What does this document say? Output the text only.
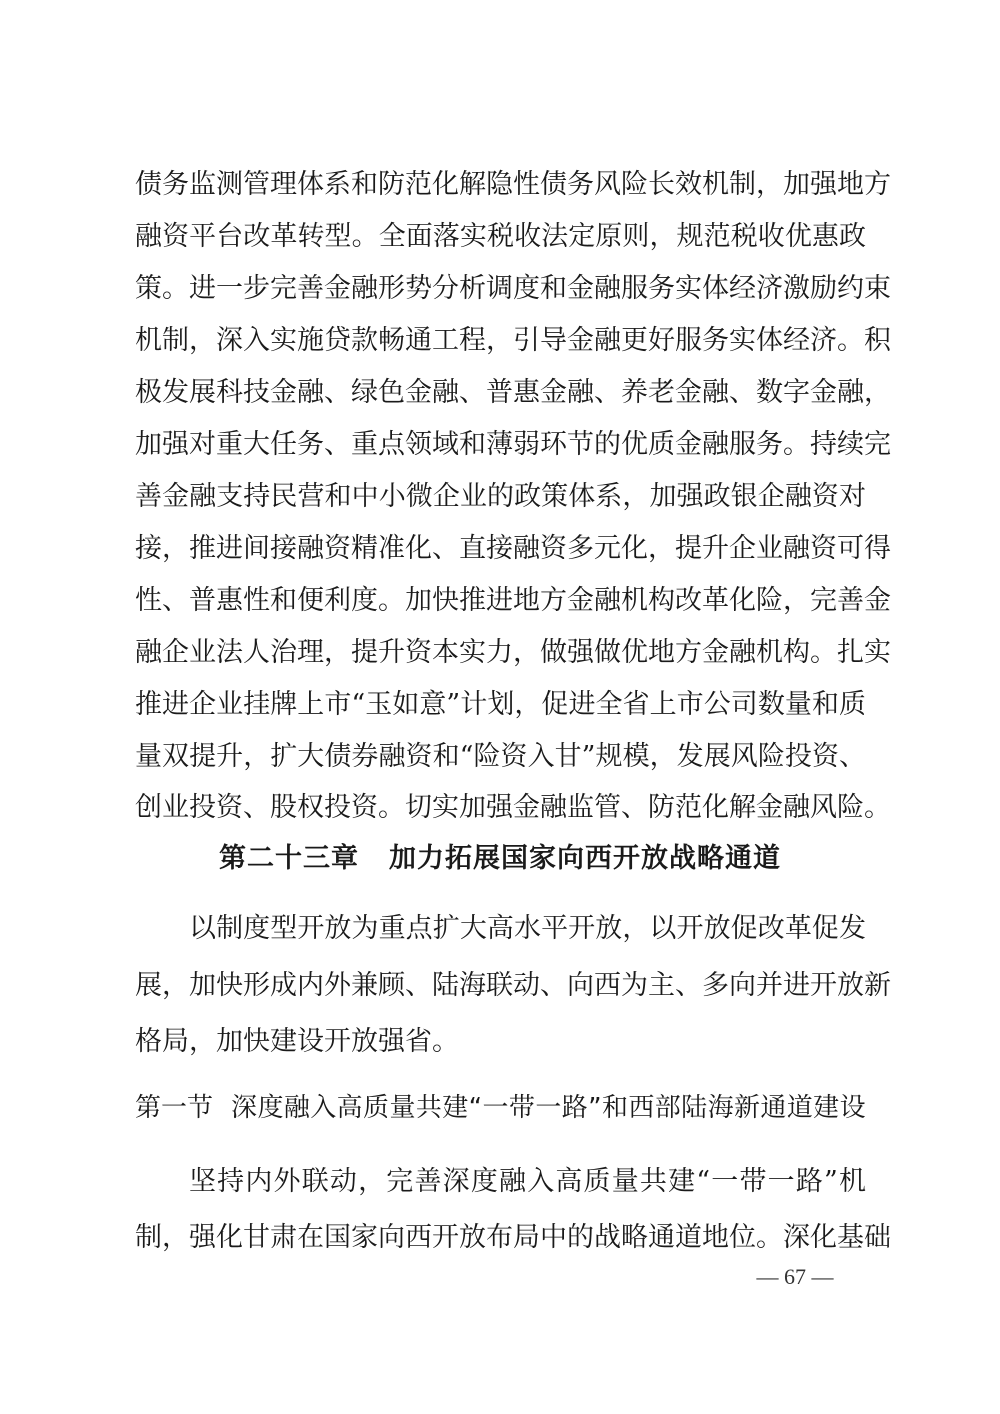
债务监测管理体系和防范化解隐性债务风险长效机制，加强地方
融资平台改革转型。全面落实税收法定原则，规范税收优惠政
策。进一步完善金融形势分析调度和金融服务实体经济激励约束
机制，深入实施贷款畅通工程，引导金融更好服务实体经济。积
极发展科技金融、绿色金融、普惠金融、养老金融、数字金融，
加强对重大任务、重点领域和薄弱环节的优质金融服务。持续完
善金融支持民营和中小微企业的政策体系，加强政银企融资对
接，推进间接融资精准化、直接融资多元化，提升企业融资可得
性、普惠性和便利度。加快推进地方金融机构改革化险，完善金
融企业法人治理，提升资本实力，做强做优地方金融机构。扎实
推进企业挂牌上市“玉如意”计划，促进全省上市公司数量和质
量双提升，扩大债券融资和“险资入甘”规模，发展风险投资、
第二十三章 加力拓展国家向西开放战略通道
以制度型开放为重点扩大高水平开放，以开放促改革促发
展，加快形成内外兼顾、陆海联动、向西为主、多向并进开放新
格局，加快建设开放强省。
第一节 深度融入高质量共建“一带一路”和西部陆海新通道建设
坚持内外联动，完善深度融入高质量共建“一带一路”机
制，强化甘肃在国家向西开放布局中的战略通道地位。深化基础
— 67 —
创业投资、股权投资。切实加强金融监管、防范化解金融风险。
